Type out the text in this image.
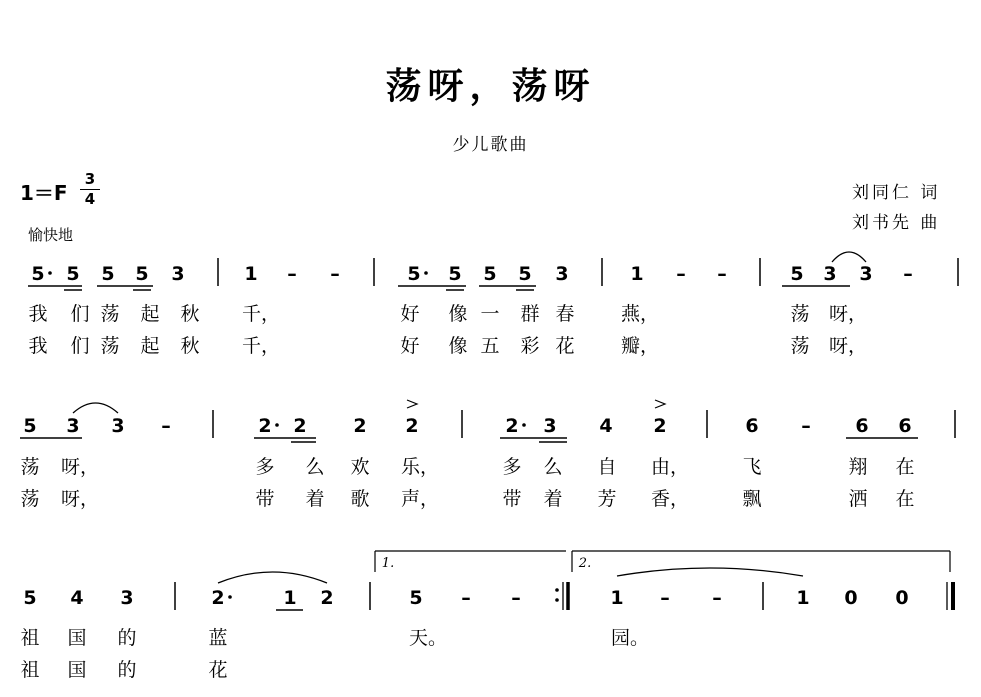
荡呀，荡呀
少儿歌曲
1＝F
3
4
愉快地
刘同仁 词
刘书先 曲
5 5 5 5 3	1 – –	5 5 5 5 3	1 – –	5 3 3 –
我 们 荡 起 秋 千，	好 像 一 群 春 燕，	荡 呀，
我 们 荡 起 秋 千，	好 像 五 彩 花 瓣，	荡 呀，
5 3 3 –	2 2 2 2	2 3 4 2	6 – 6 6
荡 呀，	多 么 欢 乐，	多 么 自 由，	飞	翔 在
荡 呀，	带 着 歌 声，	带 着 芳 香，	飘	洒 在
5 4 3	2	1 2	5 – –	1 – –	1 0 0
祖 国 的	蓝	天。	园。
祖 国 的	花
1.	2.
